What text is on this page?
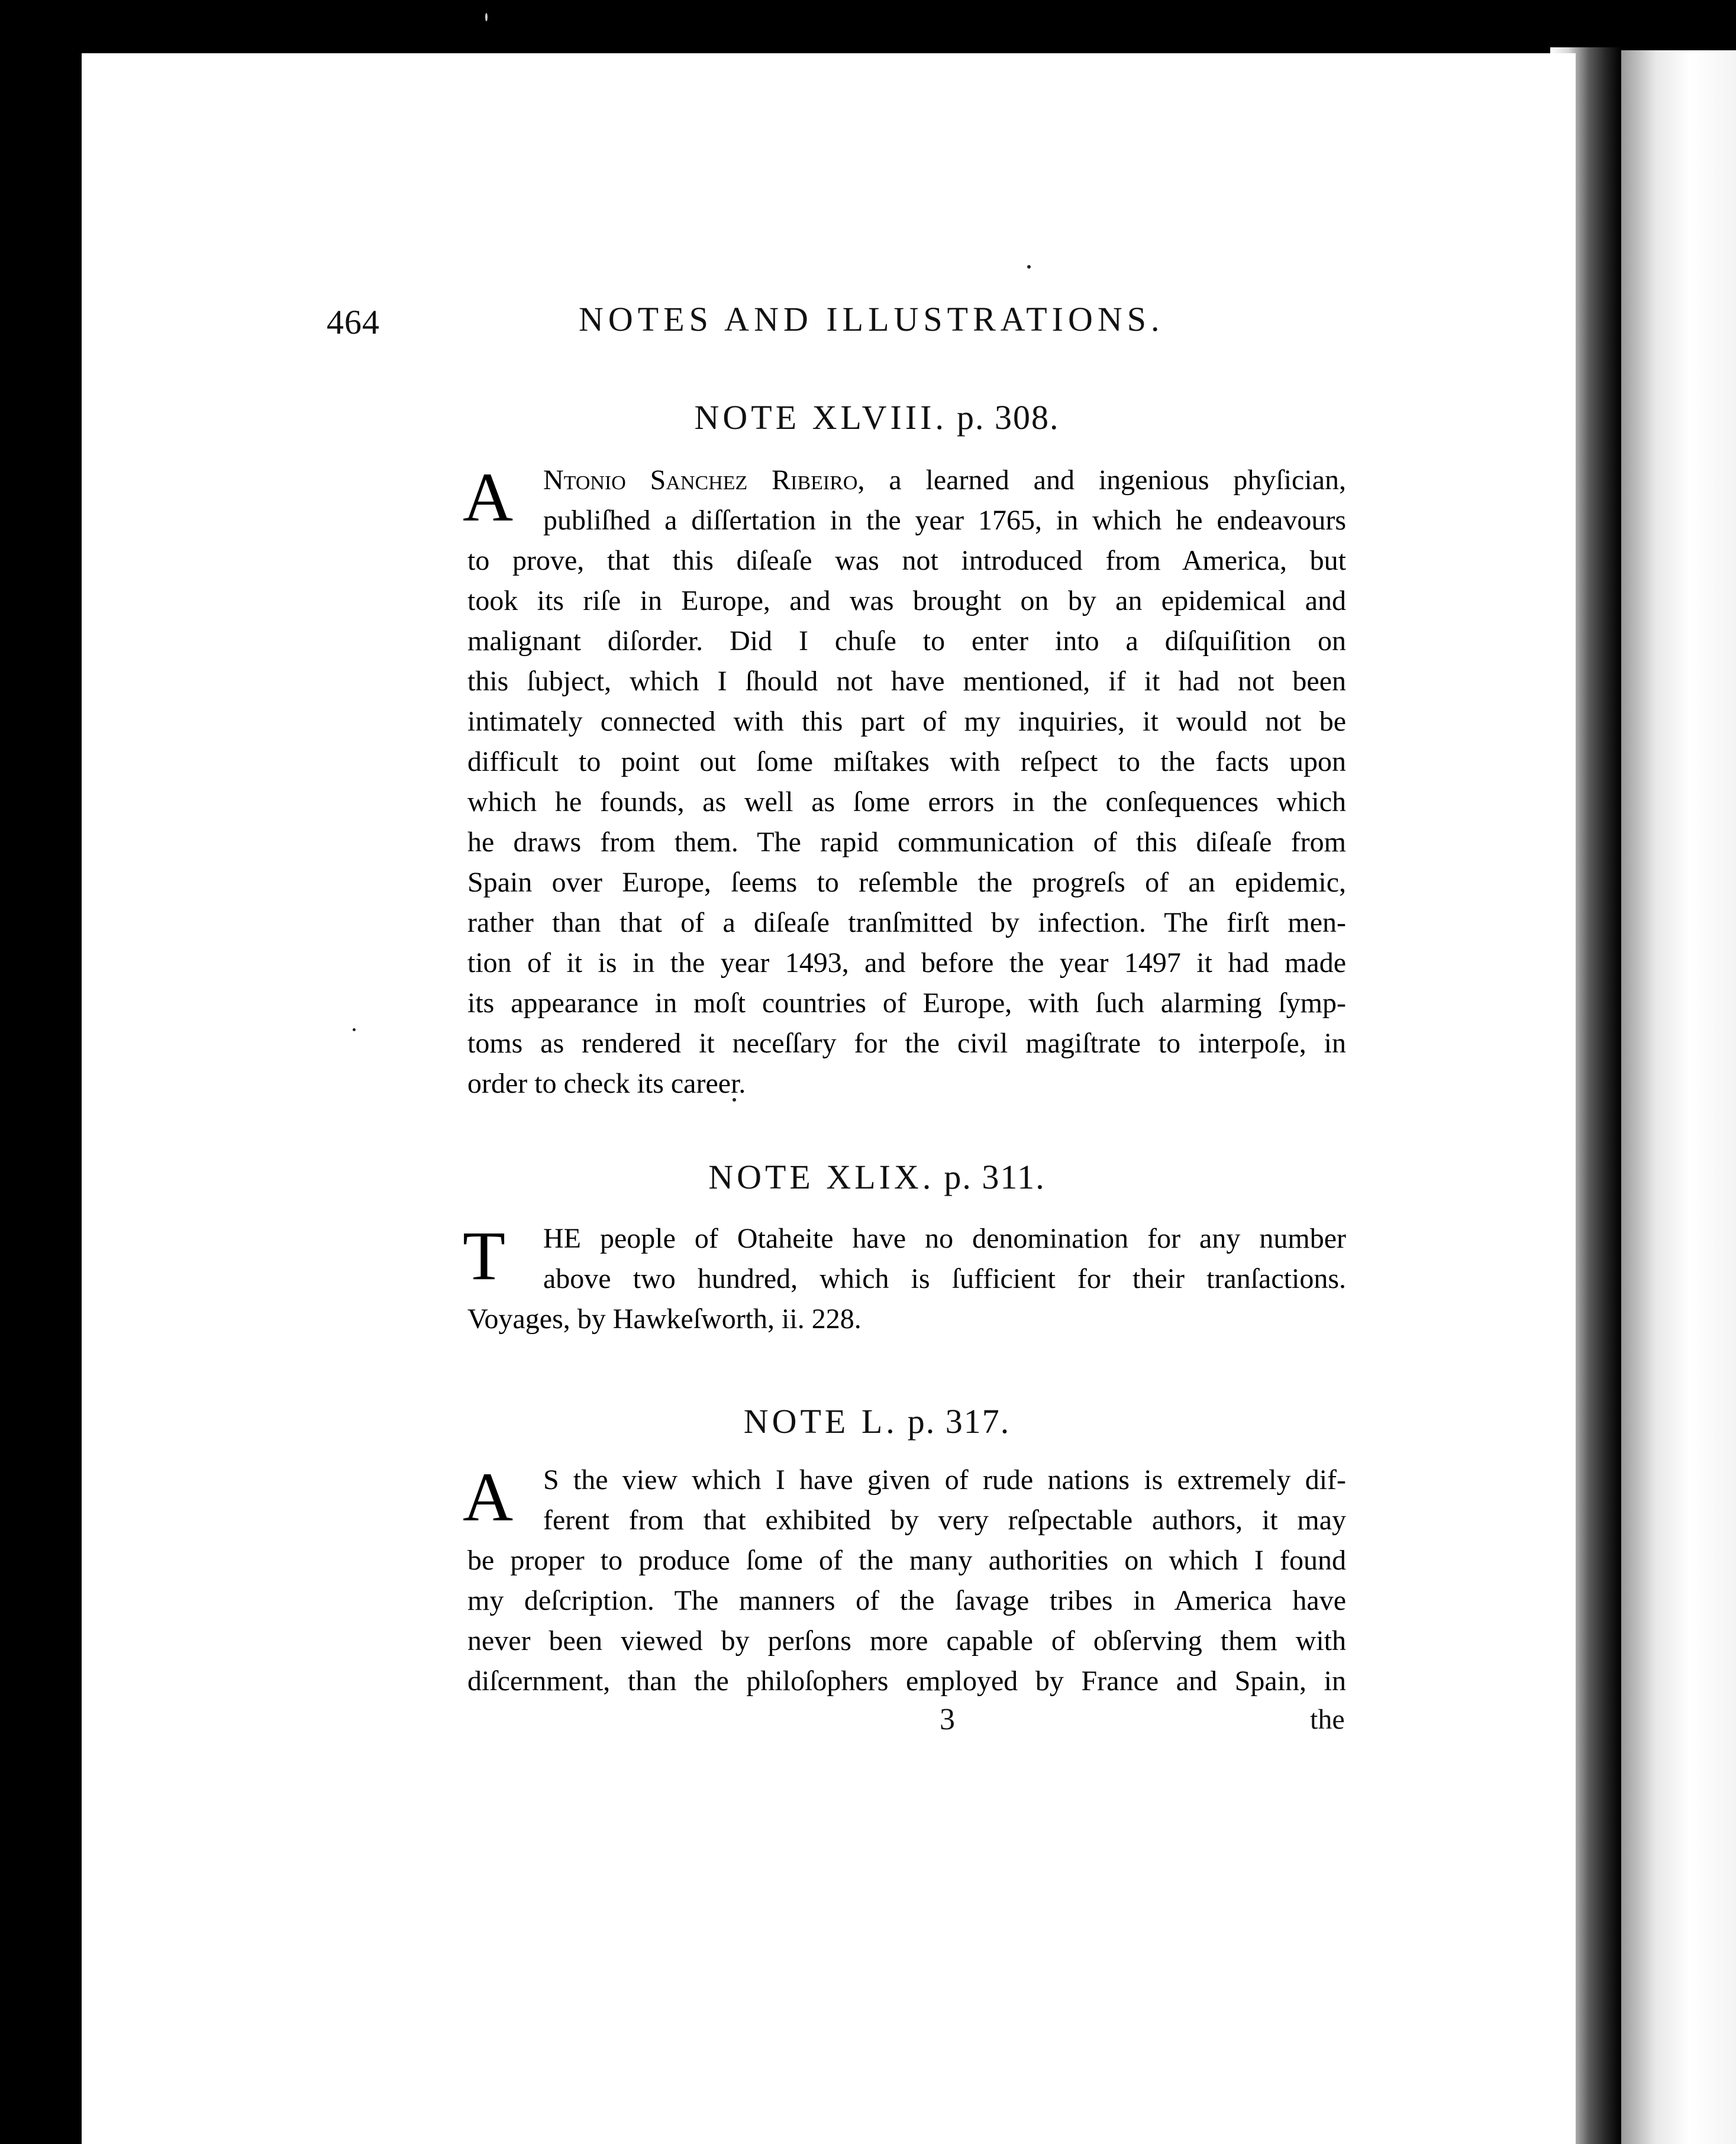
464	NOTES AND ILLUSTRATIONS.
NOTE XLVIII. p. 308.
A	Ntonio Sanchez Ribeiro, a learned and ingenious phyſician,
publiſhed a diſſertation in the year 1765, in which he endeavours
to prove, that this diſeaſe was not introduced from America, but
took its riſe in Europe, and was brought on by an epidemical and
malignant diſorder. Did I chuſe to enter into a diſquiſition on
this ſubject, which I ſhould not have mentioned, if it had not been
intimately connected with this part of my inquiries, it would not be
difficult to point out ſome miſtakes with reſpect to the facts upon
which he founds, as well as ſome errors in the conſequences which
he draws from them. The rapid communication of this diſeaſe from
Spain over Europe, ſeems to reſemble the progreſs of an epidemic,
rather than that of a diſeaſe tranſmitted by infection. The firſt men-
tion of it is in the year 1493, and before the year 1497 it had made
its appearance in moſt countries of Europe, with ſuch alarming ſymp-
toms as rendered it neceſſary for the civil magiſtrate to interpoſe, in
order to check its career.
NOTE XLIX. p. 311.
T	HE people of Otaheite have no denomination for any number
above two hundred, which is ſufficient for their tranſactions.
Voyages, by Hawkeſworth, ii. 228.
NOTE L. p. 317.
A	S the view which I have given of rude nations is extremely dif-
ferent from that exhibited by very reſpectable authors, it may
be proper to produce ſome of the many authorities on which I found
my deſcription. The manners of the ſavage tribes in America have
never been viewed by perſons more capable of obſerving them with
diſcernment, than the philoſophers employed by France and Spain, in
3	the
